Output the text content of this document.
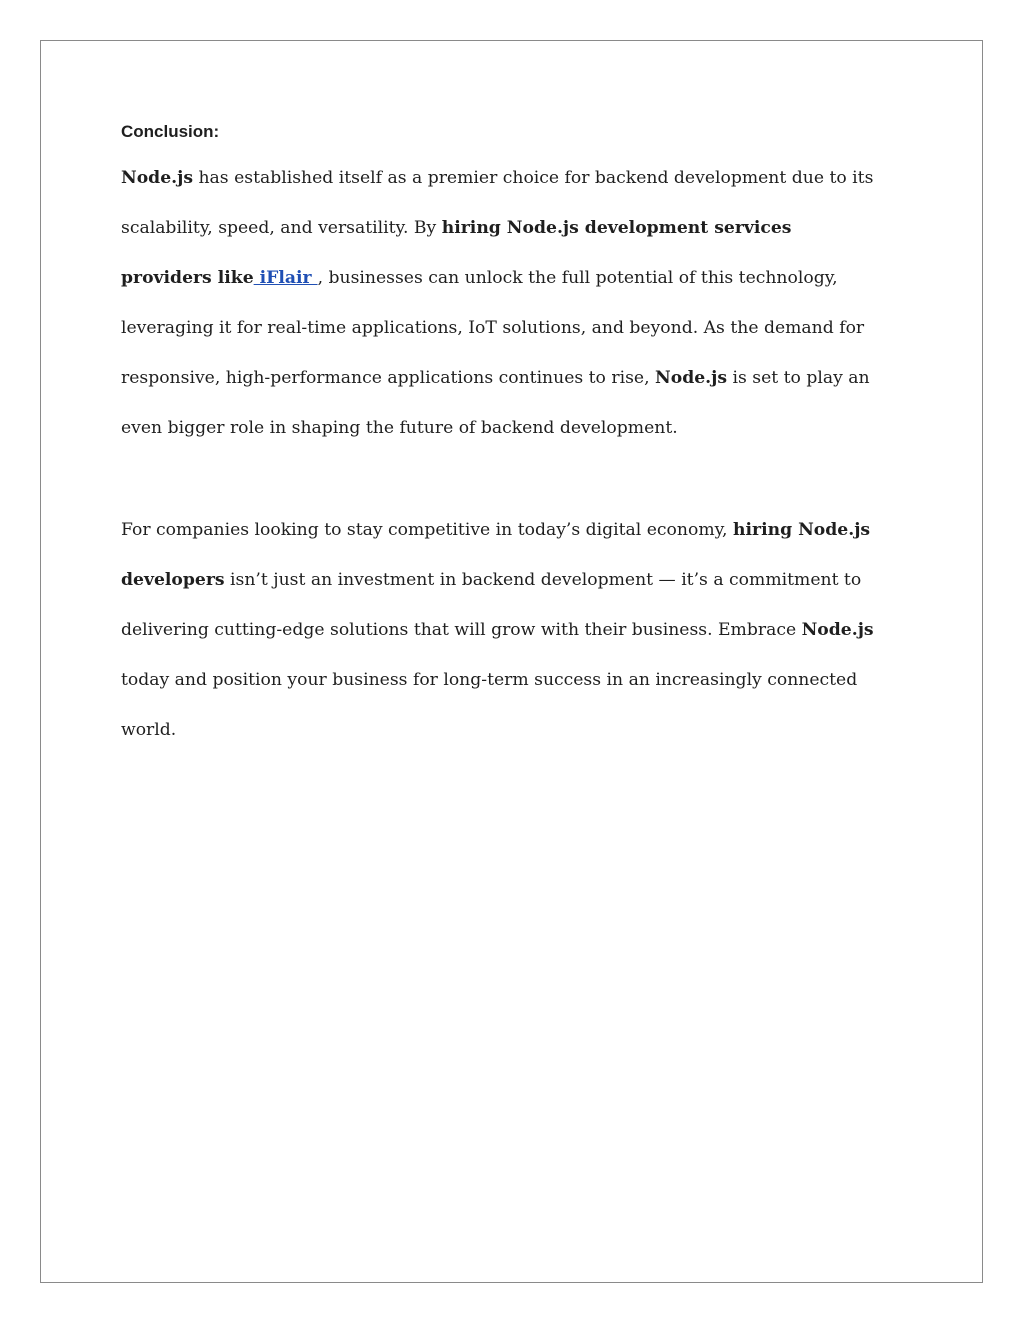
Conclusion:

Node.js has established itself as a premier choice for backend development due to its
scalability, speed, and versatility. By hiring Node.js development services
providers like iFlair , businesses can unlock the full potential of this technology,
leveraging it for real-time applications, IoT solutions, and beyond. As the demand for
responsive, high-performance applications continues to rise, Node.js is set to play an
even bigger role in shaping the future of backend development.

For companies looking to stay competitive in today’s digital economy, hiring Node.js
developers isn’t just an investment in backend development — it’s a commitment to
delivering cutting-edge solutions that will grow with their business. Embrace Node.js
today and position your business for long-term success in an increasingly connected
world.
